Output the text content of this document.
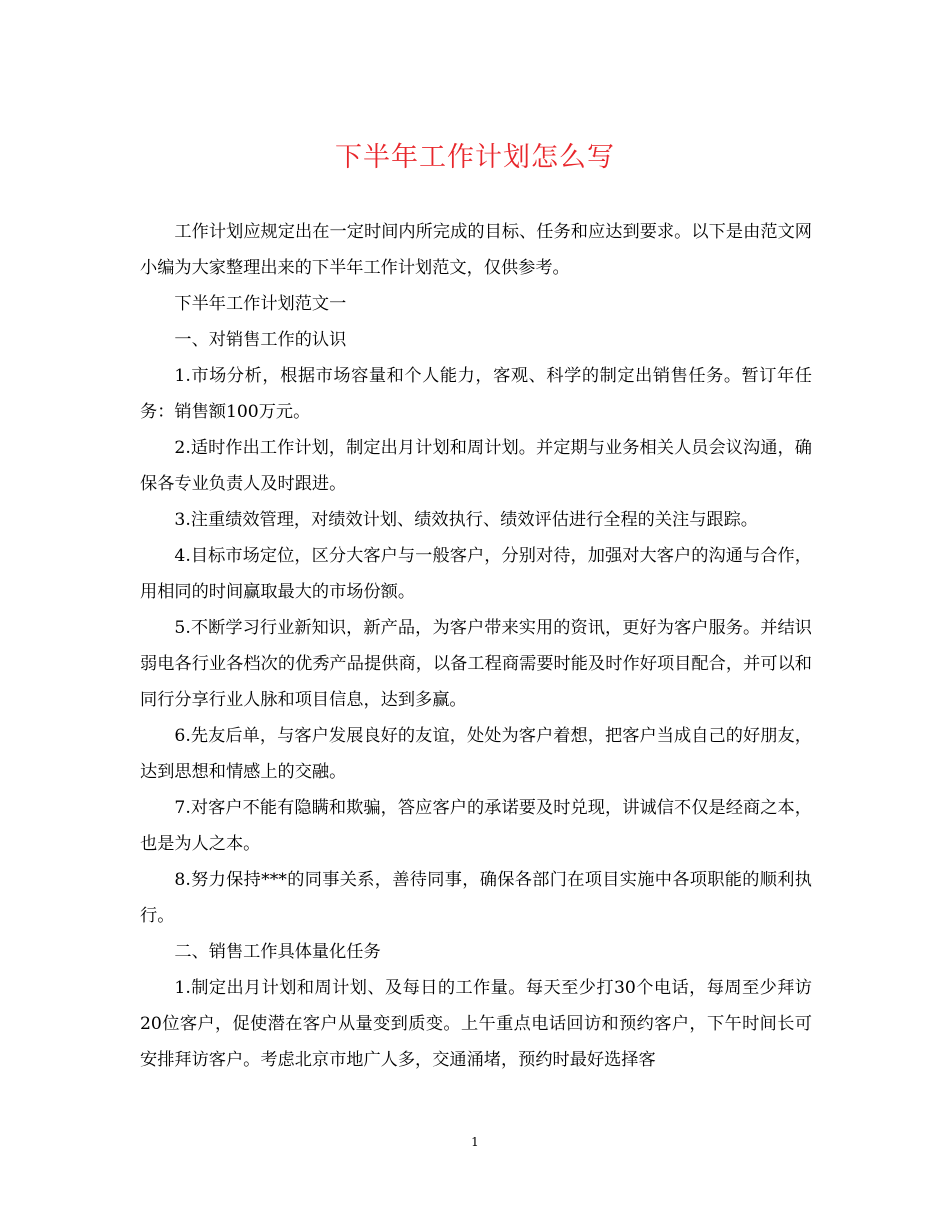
下半年工作计划怎么写

工作计划应规定出在一定时间内所完成的目标、任务和应达到要求。以下是由范文网小编为大家整理出来的下半年工作计划范文，仅供参考。

下半年工作计划范文一

一、对销售工作的认识

1.市场分析，根据市场容量和个人能力，客观、科学的制定出销售任务。暂订年任务：销售额100万元。

2.适时作出工作计划，制定出月计划和周计划。并定期与业务相关人员会议沟通，确保各专业负责人及时跟进。

3.注重绩效管理，对绩效计划、绩效执行、绩效评估进行全程的关注与跟踪。

4.目标市场定位，区分大客户与一般客户，分别对待，加强对大客户的沟通与合作，用相同的时间赢取最大的市场份额。

5.不断学习行业新知识，新产品，为客户带来实用的资讯，更好为客户服务。并结识弱电各行业各档次的优秀产品提供商，以备工程商需要时能及时作好项目配合，并可以和同行分享行业人脉和项目信息，达到多赢。

6.先友后单，与客户发展良好的友谊，处处为客户着想，把客户当成自己的好朋友，达到思想和情感上的交融。

7.对客户不能有隐瞒和欺骗，答应客户的承诺要及时兑现，讲诚信不仅是经商之本，也是为人之本。

8.努力保持***的同事关系，善待同事，确保各部门在项目实施中各项职能的顺利执行。

二、销售工作具体量化任务

1.制定出月计划和周计划、及每日的工作量。每天至少打30个电话，每周至少拜访20位客户，促使潜在客户从量变到质变。上午重点电话回访和预约客户，下午时间长可安排拜访客户。考虑北京市地广人多，交通涌堵，预约时最好选择客

1
